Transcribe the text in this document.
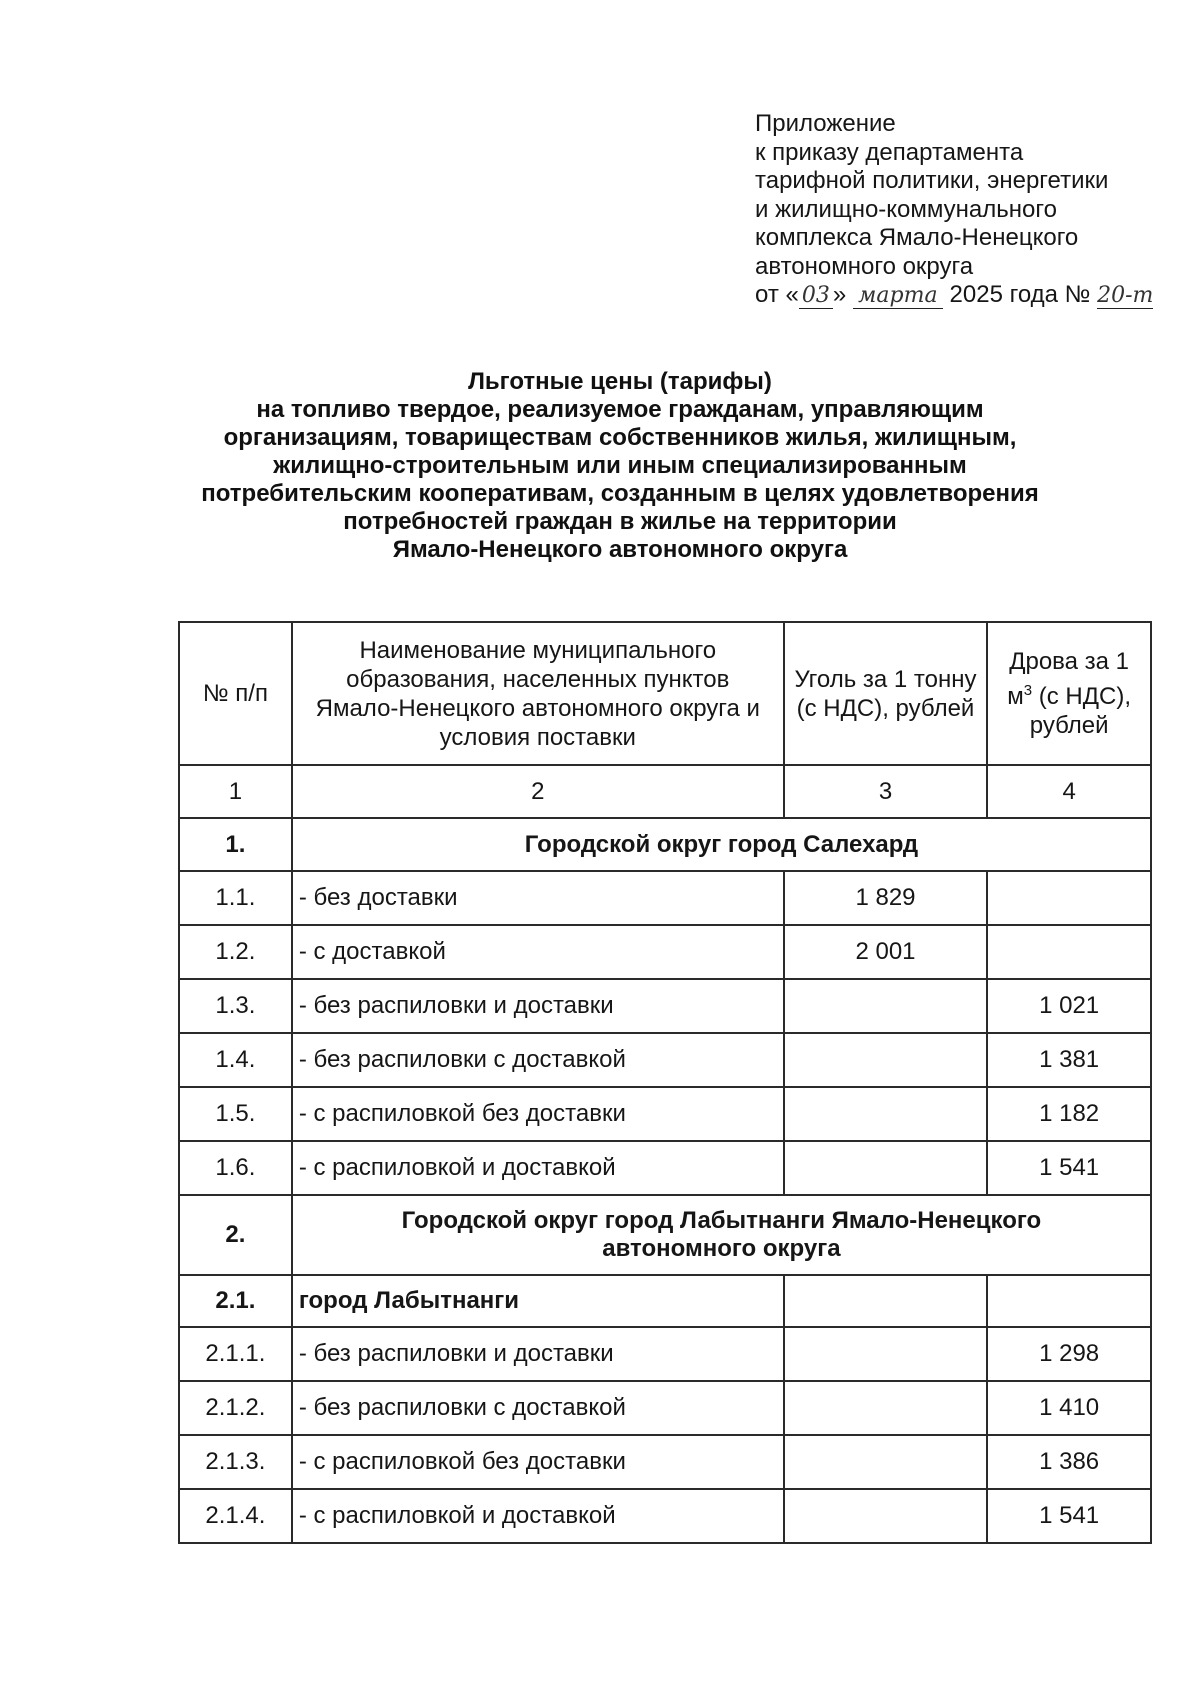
Приложение
к приказу департамента
тарифной политики, энергетики
и жилищно-коммунального
комплекса Ямало-Ненецкого
автономного округа
от « 03 » марта 2025 года № 20-т
Льготные цены (тарифы)
на топливо твердое, реализуемое гражданам, управляющим
организациям, товариществам собственников жилья, жилищным,
жилищно-строительным или иным специализированным
потребительским кооперативам, созданным в целях удовлетворения
потребностей граждан в жилье на территории
Ямало-Ненецкого автономного округа
№ п/п	Наименование муниципального образования, населенных пунктов Ямало-Ненецкого автономного округа и условия поставки	Уголь за 1 тонну (с НДС), рублей	Дрова за 1 $м^3$ (с НДС), рублей
1	2	3	4
1.	Городской округ город Салехард		
1.1.	- без доставки	1 829	
1.2.	- с доставкой	2 001	
1.3.	- без распиловки и доставки		1 021
1.4.	- без распиловки с доставкой		1 381
1.5.	- с распиловкой без доставки		1 182
1.6.	- с распиловкой и доставкой		1 541
2.	Городской округ город Лабытнанги Ямало-Ненецкого автономного округа		
2.1.	город Лабытнанги		
2.1.1.	- без распиловки и доставки		1 298
2.1.2.	- без распиловки с доставкой		1 410
2.1.3.	- с распиловкой без доставки		1 386
2.1.4.	- с распиловкой и доставкой		1 541
